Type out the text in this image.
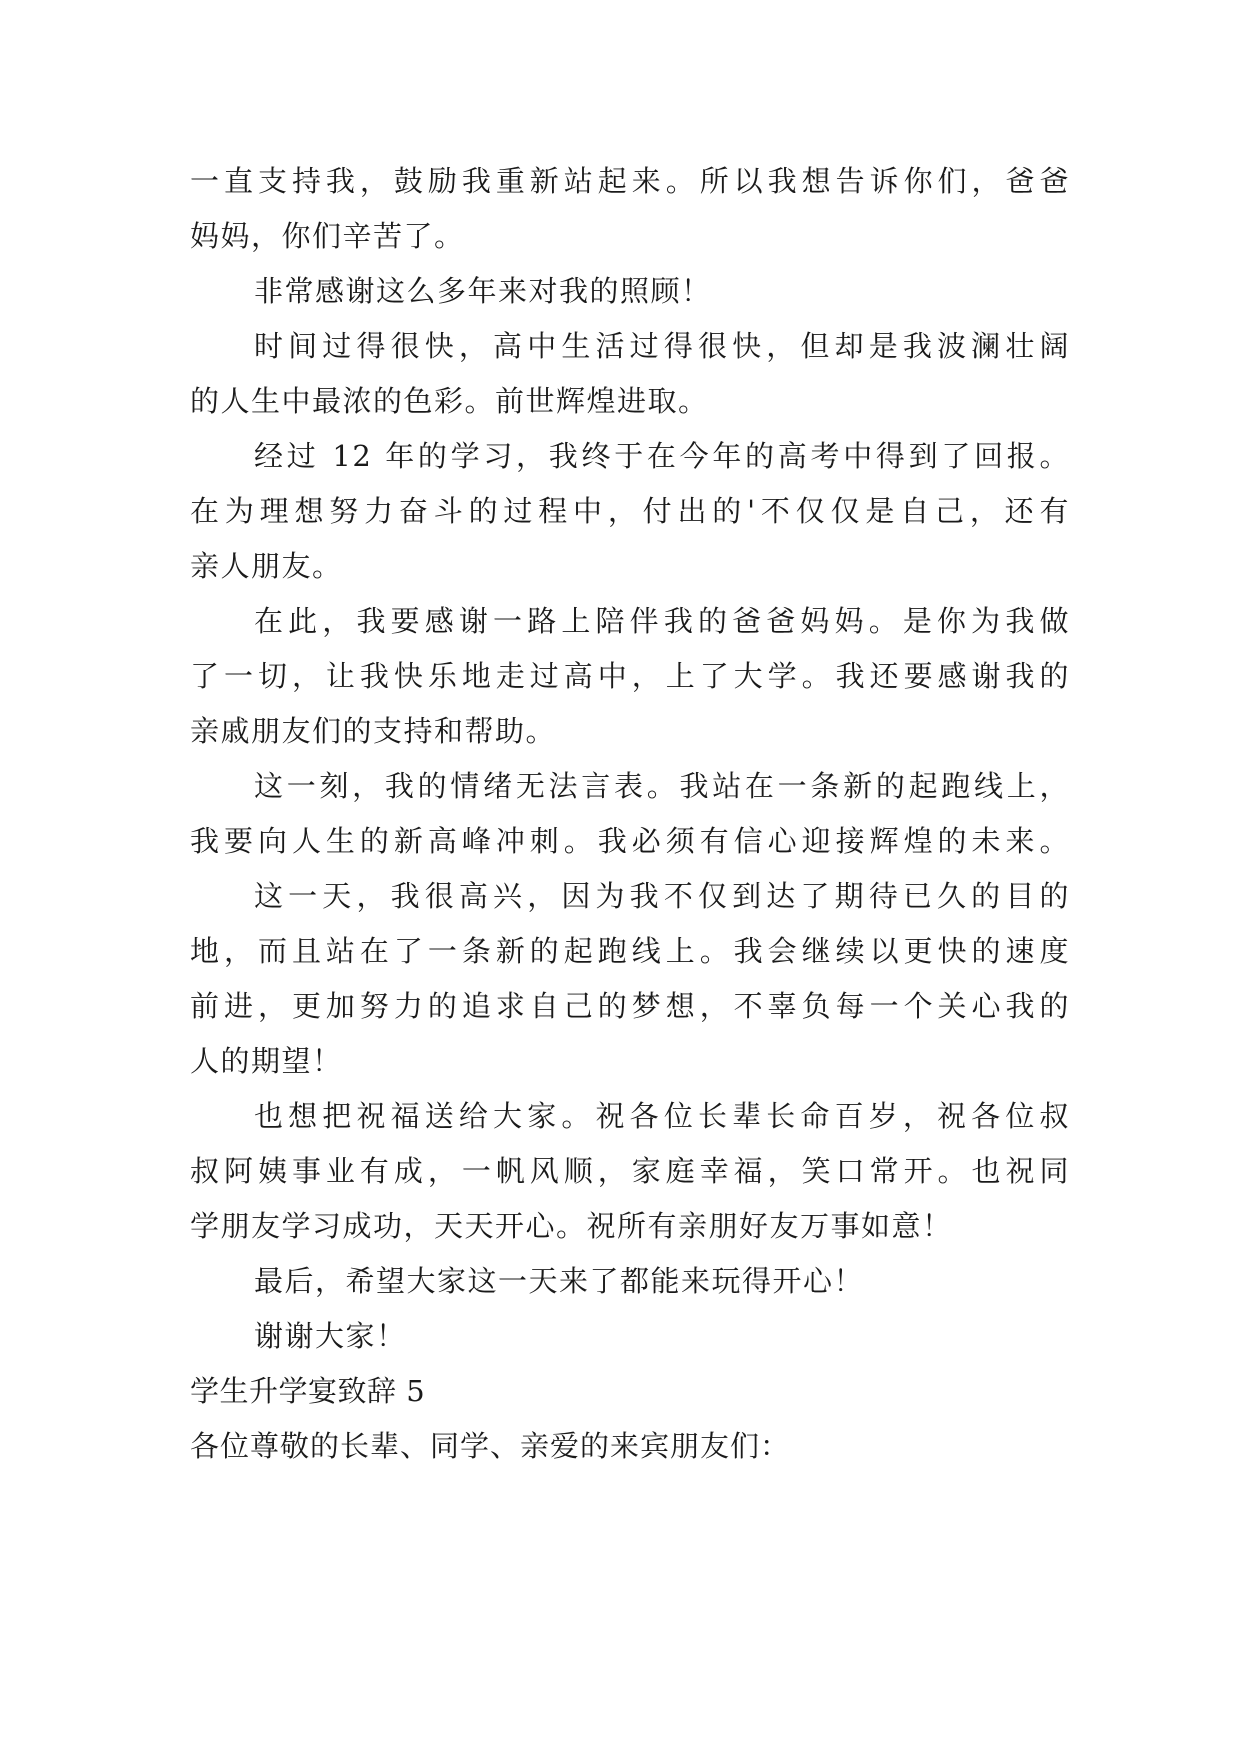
一直支持我，鼓励我重新站起来。所以我想告诉你们，爸爸
妈妈，你们辛苦了。
非常感谢这么多年来对我的照顾！
时间过得很快，高中生活过得很快，但却是我波澜壮阔
的人生中最浓的色彩。前世辉煌进取。
经过 12 年的学习，我终于在今年的高考中得到了回报。
在为理想努力奋斗的过程中，付出的'不仅仅是自己，还有
亲人朋友。
在此，我要感谢一路上陪伴我的爸爸妈妈。是你为我做
了一切，让我快乐地走过高中，上了大学。我还要感谢我的
亲戚朋友们的支持和帮助。
这一刻，我的情绪无法言表。我站在一条新的起跑线上，
我要向人生的新高峰冲刺。我必须有信心迎接辉煌的未来。
这一天，我很高兴，因为我不仅到达了期待已久的目的
地，而且站在了一条新的起跑线上。我会继续以更快的速度
前进，更加努力的追求自己的梦想，不辜负每一个关心我的
人的期望！
也想把祝福送给大家。祝各位长辈长命百岁，祝各位叔
叔阿姨事业有成，一帆风顺，家庭幸福，笑口常开。也祝同
学朋友学习成功，天天开心。祝所有亲朋好友万事如意！
最后，希望大家这一天来了都能来玩得开心！
谢谢大家！
学生升学宴致辞 5
各位尊敬的长辈、同学、亲爱的来宾朋友们：
